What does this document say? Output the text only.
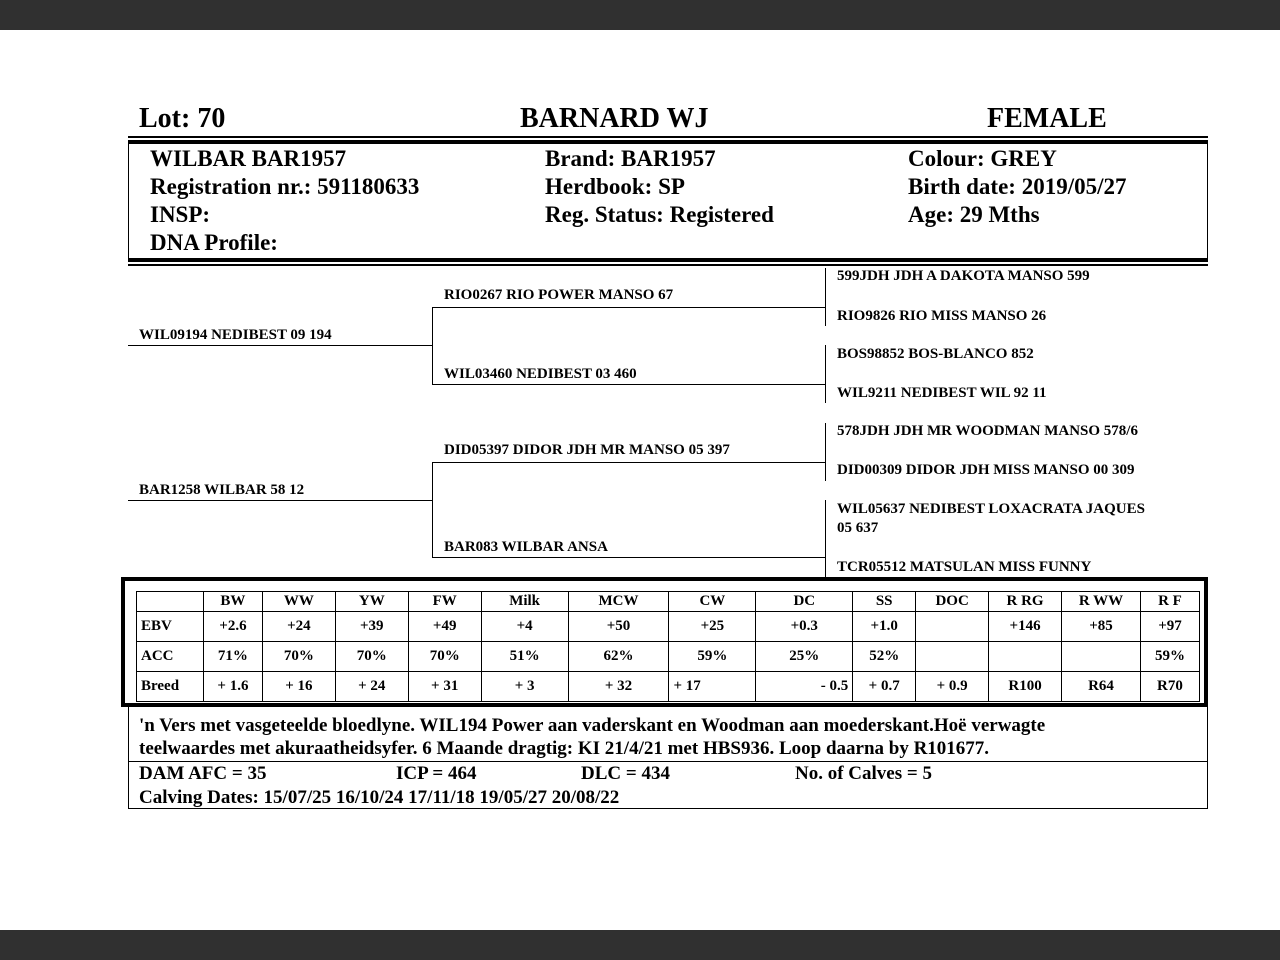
Lot: 70	BARNARD WJ	FEMALE
WILBAR BAR1957
Registration nr.: 591180633
INSP:
DNA Profile:
Brand: BAR1957
Herdbook: SP
Reg. Status: Registered
Colour: GREY
Birth date: 2019/05/27
Age: 29 Mths
WIL09194 NEDIBEST 09 194
BAR1258 WILBAR 58 12
RIO0267 RIO POWER MANSO 67
WIL03460 NEDIBEST 03 460
DID05397 DIDOR JDH MR MANSO 05 397
BAR083 WILBAR ANSA
599JDH JDH A DAKOTA MANSO 599
RIO9826 RIO MISS MANSO 26
BOS98852 BOS-BLANCO 852
WIL9211 NEDIBEST WIL 92 11
578JDH JDH MR WOODMAN MANSO 578/6
DID00309 DIDOR JDH MISS MANSO 00 309
WIL05637 NEDIBEST LOXACRATA JAQUES
05 637
TCR05512 MATSULAN MISS FUNNY
	BW	WW	YW	FW	Milk	MCW	CW	DC	SS	DOC	R RG	R WW	R F
EBV	+2.6	+24	+39	+49	+4	+50	+25	+0.3	+1.0		+146	+85	+97
ACC	71%	70%	70%	70%	51%	62%	59%	25%	52%				59%
Breed	+ 1.6	+ 16	+ 24	+ 31	+ 3	+ 32	+ 17	- 0.5	+ 0.7	+ 0.9	R100	R64	R70
'n Vers met vasgeteelde bloedlyne. WIL194 Power aan vaderskant en Woodman aan moederskant.Hoë verwagte
teelwaardes met akuraatheidsyfer. 6 Maande dragtig: KI 21/4/21 met HBS936. Loop daarna by R101677.
DAM AFC = 35	ICP = 464	DLC = 434	No. of Calves = 5
Calving Dates: 15/07/25 16/10/24 17/11/18 19/05/27 20/08/22
